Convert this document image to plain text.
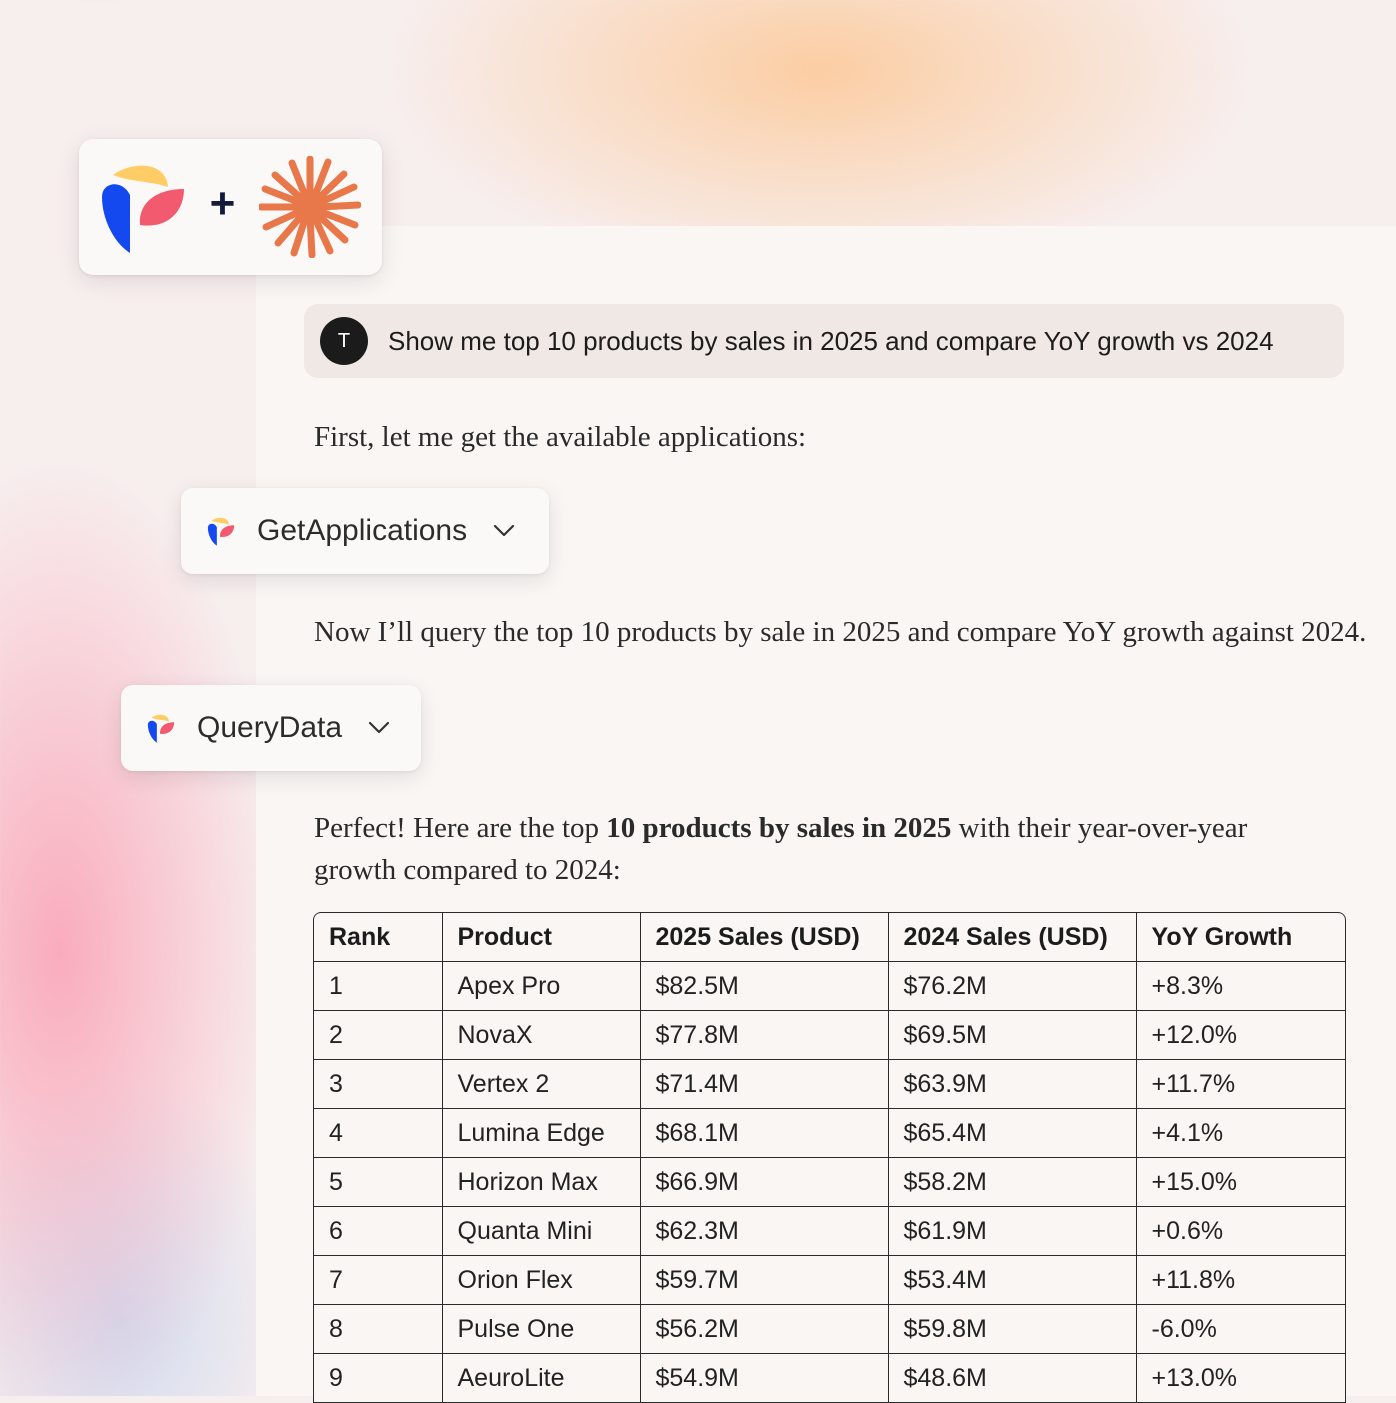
+
T	Show me top 10 products by sales in 2025 and compare YoY growth vs 2024

First, let me get the available applications:

GetApplications

Now I’ll query the top 10 products by sale in 2025 and compare YoY growth against 2024.

QueryData

Perfect! Here are the top 10 products by sales in 2025 with their year-over-year growth compared to 2024:

Rank	Product	2025 Sales (USD)	2024 Sales (USD)	YoY Growth
1	Apex Pro	$82.5M	$76.2M	+8.3%
2	NovaX	$77.8M	$69.5M	+12.0%
3	Vertex 2	$71.4M	$63.9M	+11.7%
4	Lumina Edge	$68.1M	$65.4M	+4.1%
5	Horizon Max	$66.9M	$58.2M	+15.0%
6	Quanta Mini	$62.3M	$61.9M	+0.6%
7	Orion Flex	$59.7M	$53.4M	+11.8%
8	Pulse One	$56.2M	$59.8M	-6.0%
9	AeuroLite	$54.9M	$48.6M	+13.0%
